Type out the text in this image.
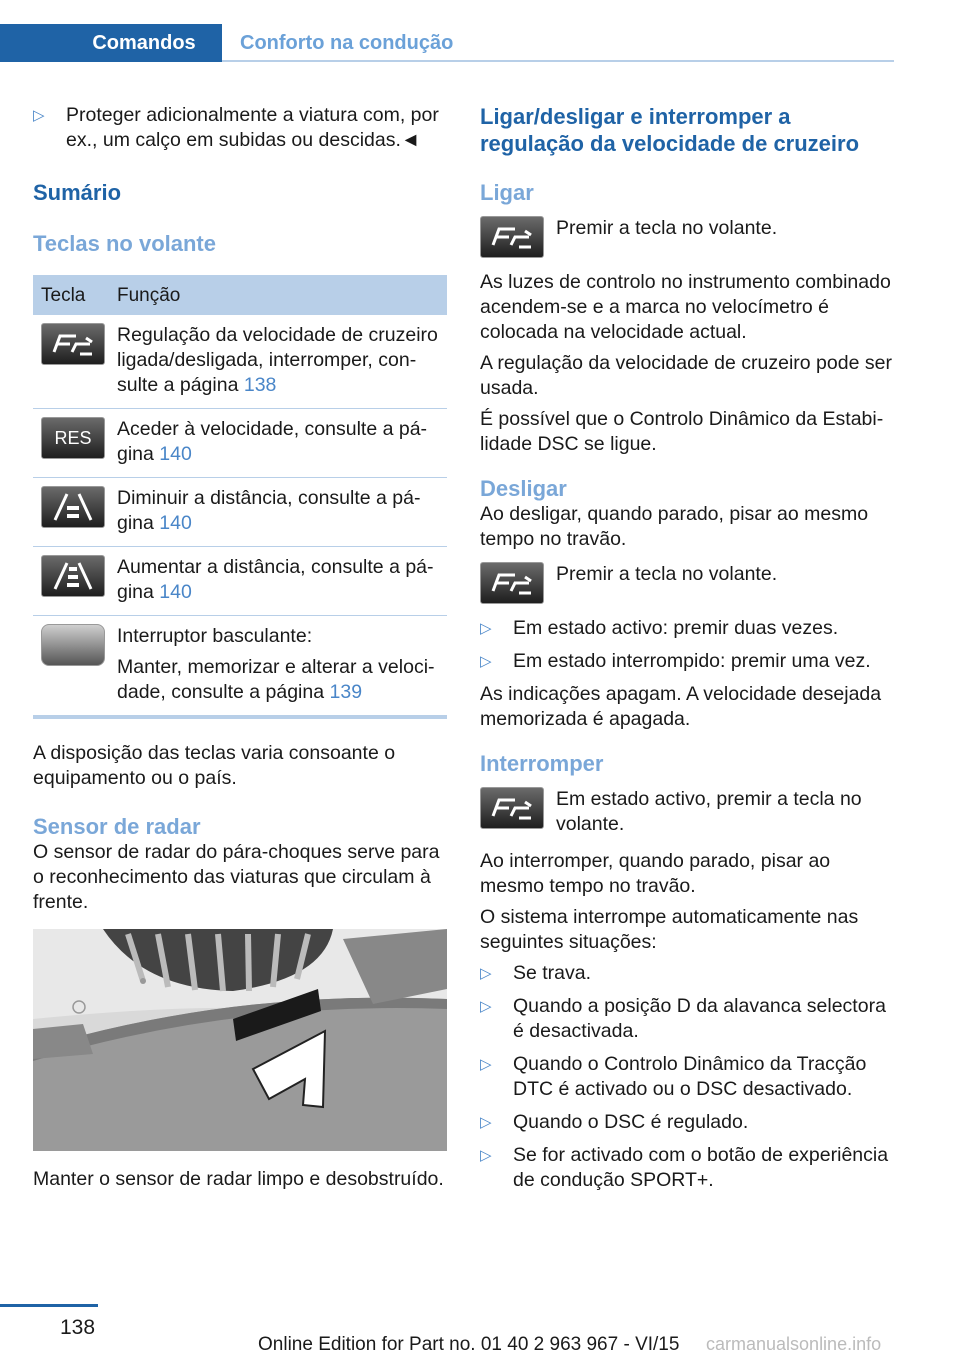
Comandos	Conforto na condução
▷	Proteger adicionalmente a viatura com, por ex., um calço em subidas ou descidas.◄
Sumário
Teclas no volante
Tecla	Função

	Regulação da velocidade de cruzeiro ligada/desligada, interromper, consulte a página 138

RES	Aceder à velocidade, consulte a página 140

	Diminuir a distância, consulte a página 140

	Aumentar a distância, consulte a página 140

	Interruptor basculante:
Manter, memorizar e alterar a velocidade, consulte a página 139

A disposição das teclas varia consoante o equipamento ou o país.

Sensor de radar

O sensor de radar do pára-choques serve para o reconhecimento das viaturas que circulam à frente.

Manter o sensor de radar limpo e desobstruído.

Ligar/desligar e interromper a regulação da velocidade de cruzeiro
Ligar
Premir a tecla no volante.

As luzes de controlo no instrumento combinado acendem-se e a marca no velocímetro é colocada na velocidade actual.

A regulação da velocidade de cruzeiro pode ser usada.

É possível que o Controlo Dinâmico da Estabilidade DSC se ligue.

Desligar

Ao desligar, quando parado, pisar ao mesmo tempo no travão.

Premir a tecla no volante.
▷	Em estado activo: premir duas vezes.
▷	Em estado interrompido: premir uma vez.

As indicações apagam. A velocidade desejada memorizada é apagada.

Interromper
Em estado activo, premir a tecla no volante.

Ao interromper, quando parado, pisar ao mesmo tempo no travão.

O sistema interrompe automaticamente nas seguintes situações:

▷	Se trava.
▷	Quando a posição D da alavanca selectora é desactivada.
▷	Quando o Controlo Dinâmico da Tracção DTC é activado ou o DSC desactivado.
▷	Quando o DSC é regulado.
▷	Se for activado com o botão de experiência de condução SPORT+.
138
Online Edition for Part no. 01 40 2 963 967 - VI/15 carmanualsonline.info
